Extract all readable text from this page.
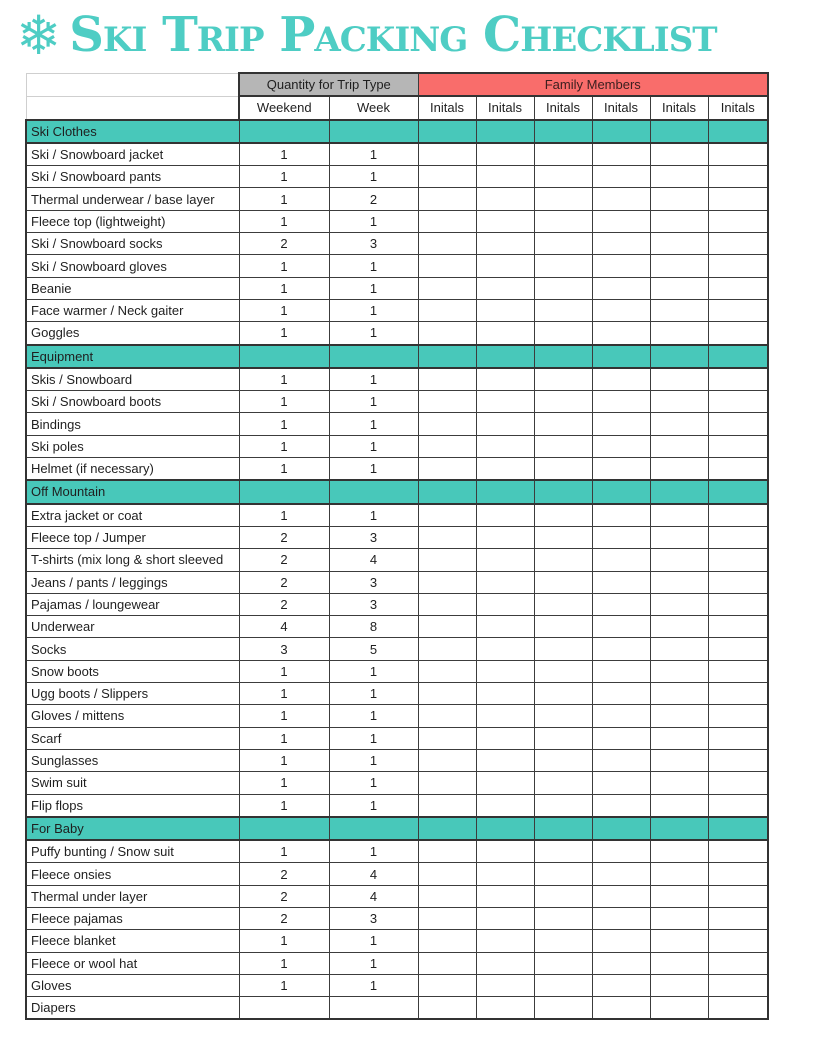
❄ Ski Trip Packing Checklist
	Quantity for Trip Type		Family Members					
	Weekend	Week	Initals	Initals	Initals	Initals	Initals	Initals
Ski Clothes								
Ski / Snowboard jacket	1	1						
Ski / Snowboard pants	1	1						
Thermal underwear / base layer	1	2						
Fleece top (lightweight)	1	1						
Ski / Snowboard socks	2	3						
Ski / Snowboard gloves	1	1						
Beanie	1	1						
Face warmer / Neck gaiter	1	1						
Goggles	1	1						
Equipment								
Skis / Snowboard	1	1						
Ski / Snowboard boots	1	1						
Bindings	1	1						
Ski poles	1	1						
Helmet (if necessary)	1	1						
Off Mountain								
Extra jacket or coat	1	1						
Fleece top / Jumper	2	3						
T-shirts (mix long & short sleeved	2	4						
Jeans / pants / leggings	2	3						
Pajamas / loungewear	2	3						
Underwear	4	8						
Socks	3	5						
Snow boots	1	1						
Ugg boots / Slippers	1	1						
Gloves / mittens	1	1						
Scarf	1	1						
Sunglasses	1	1						
Swim suit	1	1						
Flip flops	1	1						
For Baby								
Puffy bunting / Snow suit	1	1						
Fleece onsies	2	4						
Thermal under layer	2	4						
Fleece pajamas	2	3						
Fleece blanket	1	1						
Fleece or wool hat	1	1						
Gloves	1	1						
Diapers								
